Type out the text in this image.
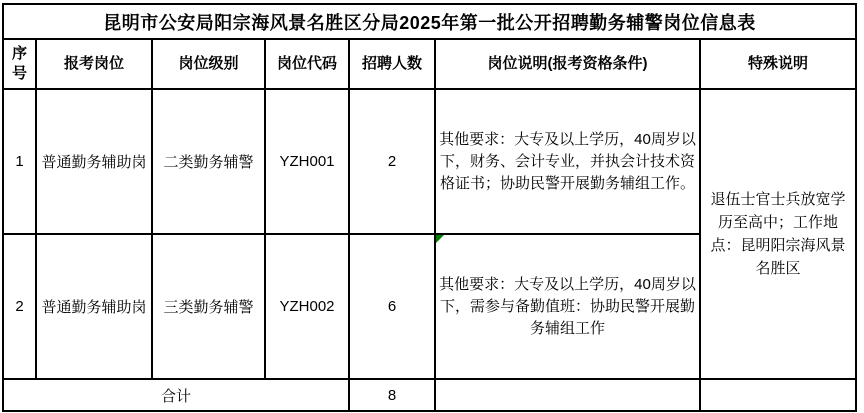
昆明市公安局阳宗海风景名胜区分局2025年第一批公开招聘勤务辅警岗位信息表						
序号	报考岗位	岗位级别	岗位代码	招聘人数	岗位说明(报考资格条件)	特殊说明
1	普通勤务辅助岗	二类勤务辅警	YZH001	2	其他要求：大专及以上学历，40周岁以下，财务、会计专业，并执会计技术资格证书；协助民警开展勤务辅组工作。	退伍士官士兵放宽学历至高中；工作地点：昆明阳宗海风景名胜区
2	普通勤务辅助岗	三类勤务辅警	YZH002	6	其他要求：大专及以上学历，40周岁以下，需参与备勤值班：协助民警开展勤务辅组工作	
合计				8		
